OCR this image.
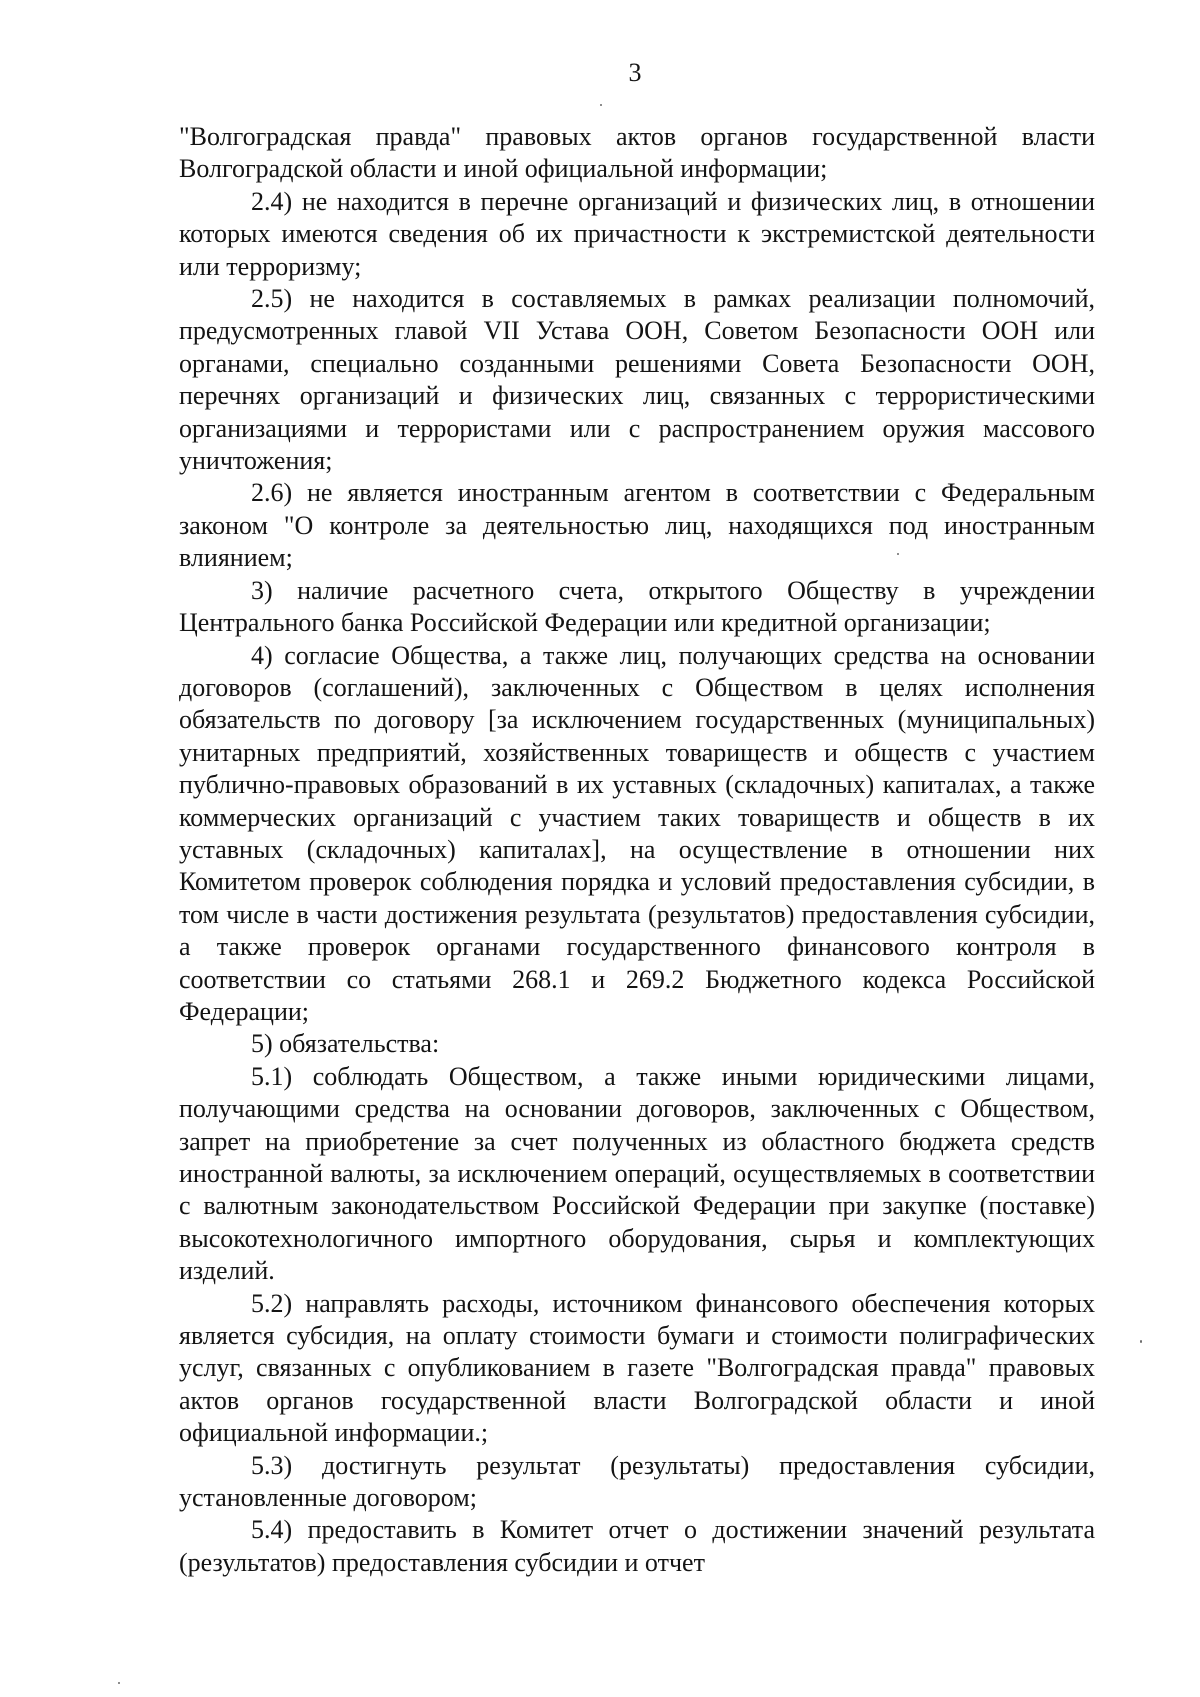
3

"Волгоградская правда" правовых актов органов государственной власти Волгоградской области и иной официальной информации;

2.4) не находится в перечне организаций и физических лиц, в отношении которых имеются сведения об их причастности к экстремистской деятельности или терроризму;

2.5) не находится в составляемых в рамках реализации полномочий, предусмотренных главой VII Устава ООН, Советом Безопасности ООН или органами, специально созданными решениями Совета Безопасности ООН, перечнях организаций и физических лиц, связанных с террористическими организациями и террористами или с распространением оружия массового уничтожения;

2.6) не является иностранным агентом в соответствии с Федеральным законом "О контроле за деятельностью лиц, находящихся под иностранным влиянием;

3) наличие расчетного счета, открытого Обществу в учреждении Центрального банка Российской Федерации или кредитной организации;

4) согласие Общества, а также лиц, получающих средства на основании договоров (соглашений), заключенных с Обществом в целях исполнения обязательств по договору [за исключением государственных (муниципальных) унитарных предприятий, хозяйственных товариществ и обществ с участием публично-правовых образований в их уставных (складочных) капиталах, а также коммерческих организаций с участием таких товариществ и обществ в их уставных (складочных) капиталах], на осуществление в отношении них Комитетом проверок соблюдения порядка и условий предоставления субсидии, в том числе в части достижения результата (результатов) предоставления субсидии, а также проверок органами государственного финансового контроля в соответствии со статьями 268.1 и 269.2 Бюджетного кодекса Российской Федерации;

5) обязательства:

5.1) соблюдать Обществом, а также иными юридическими лицами, получающими средства на основании договоров, заключенных с Обществом, запрет на приобретение за счет полученных из областного бюджета средств иностранной валюты, за исключением операций, осуществляемых в соответствии с валютным законодательством Российской Федерации при закупке (поставке) высокотехнологичного импортного оборудования, сырья и комплектующих изделий.

5.2) направлять расходы, источником финансового обеспечения которых является субсидия, на оплату стоимости бумаги и стоимости полиграфических услуг, связанных с опубликованием в газете "Волгоградская правда" правовых актов органов государственной власти Волгоградской области и иной официальной информации.;

5.3) достигнуть результат (результаты) предоставления субсидии, установленные договором;

5.4) предоставить в Комитет отчет о достижении значений результата (результатов) предоставления субсидии и отчет
